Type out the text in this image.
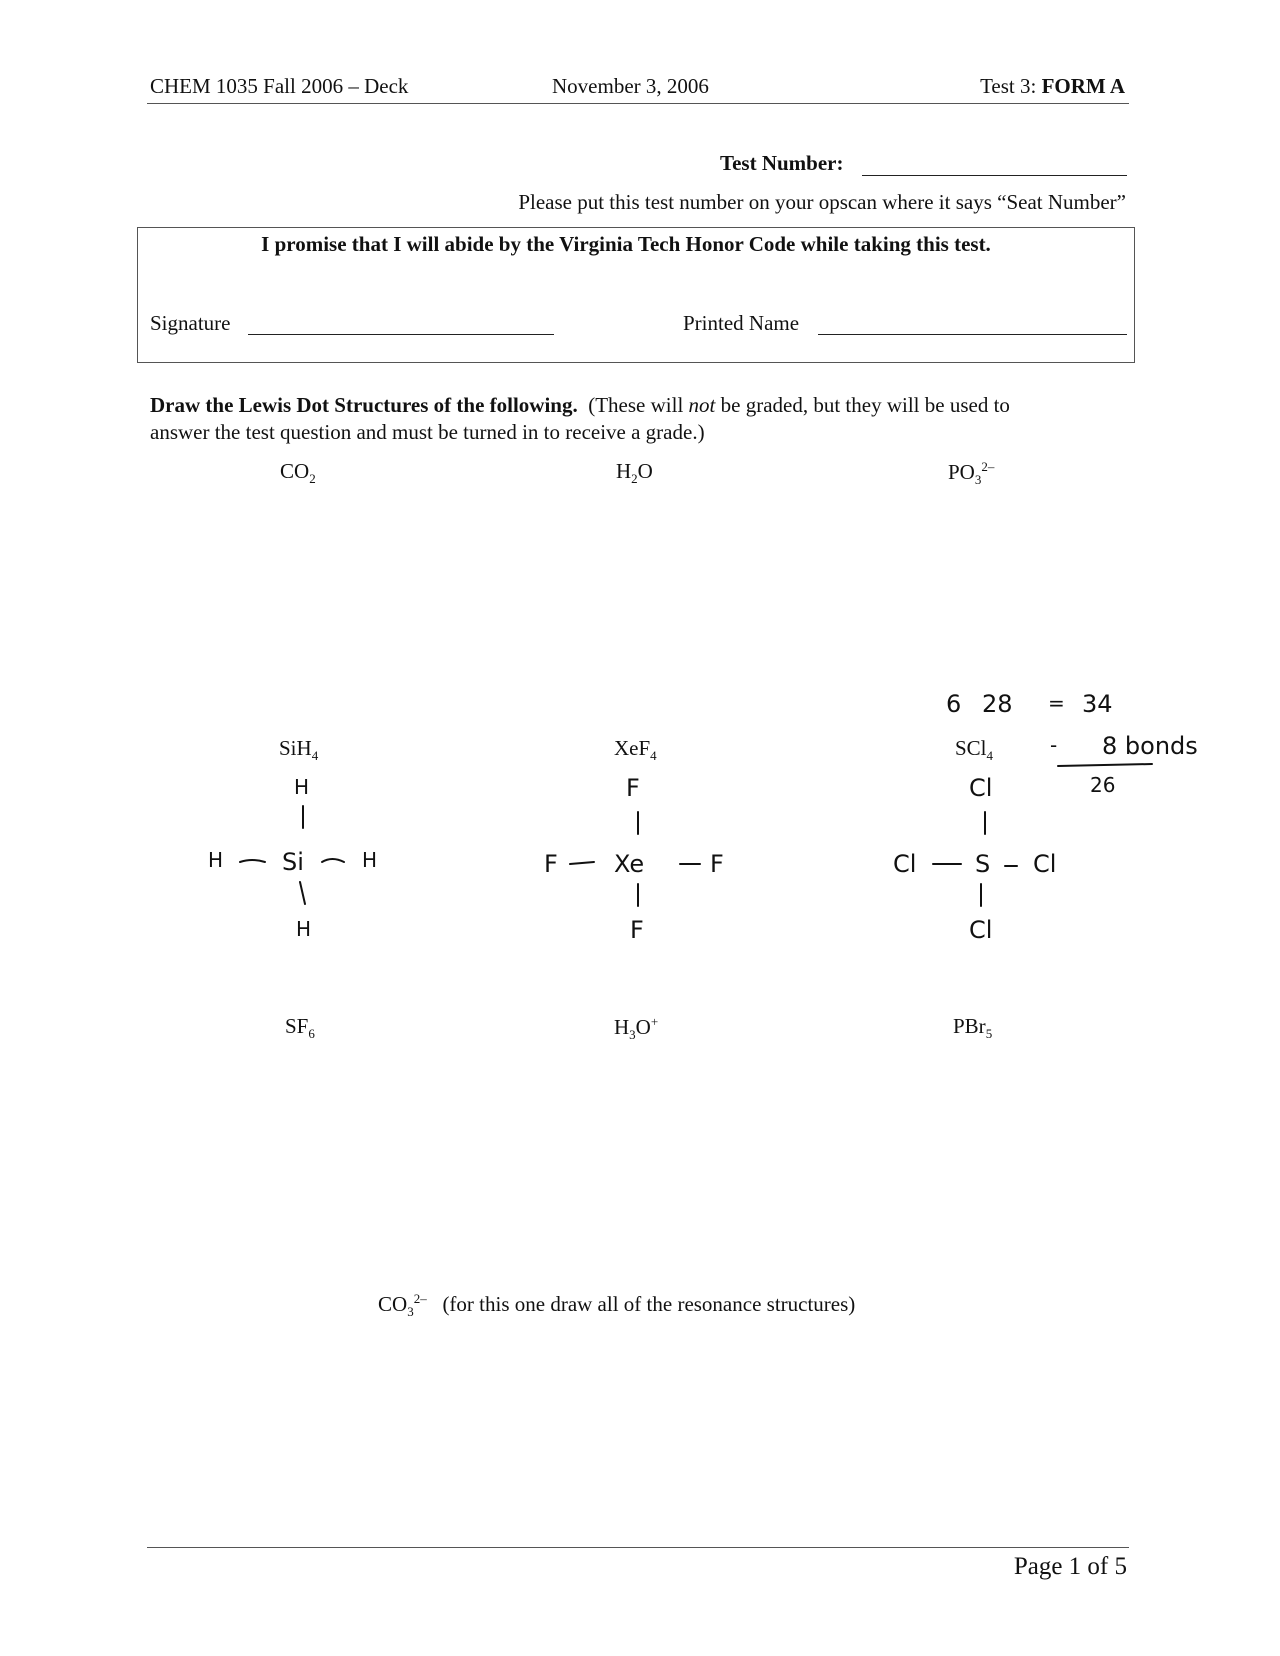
CHEM 1035 Fall 2006 – Deck	November 3, 2006	Test 3: FORM A
Test Number:
Please put this test number on your opscan where it says “Seat Number”
I promise that I will abide by the Virginia Tech Honor Code while taking this test.
Signature	Printed Name
Draw the Lewis Dot Structures of the following. (These will not be graded, but they will be used to
answer the test question and must be turned in to receive a grade.)
$CO_2$	$H_2O$	$PO_3^{2-}$
SiH$_4$	XeF$_4$	SCl$_4$
$SF_6$	$H_3O^+$	PBr$_5$
$CO_3^{2-}$ (for this one draw all of the resonance structures)
H
H Si	H
H
F
F Xe	F
F
Cl
Cl S Cl
Cl
6 28 = 34
- 8 bonds
26
Page 1 of 5
